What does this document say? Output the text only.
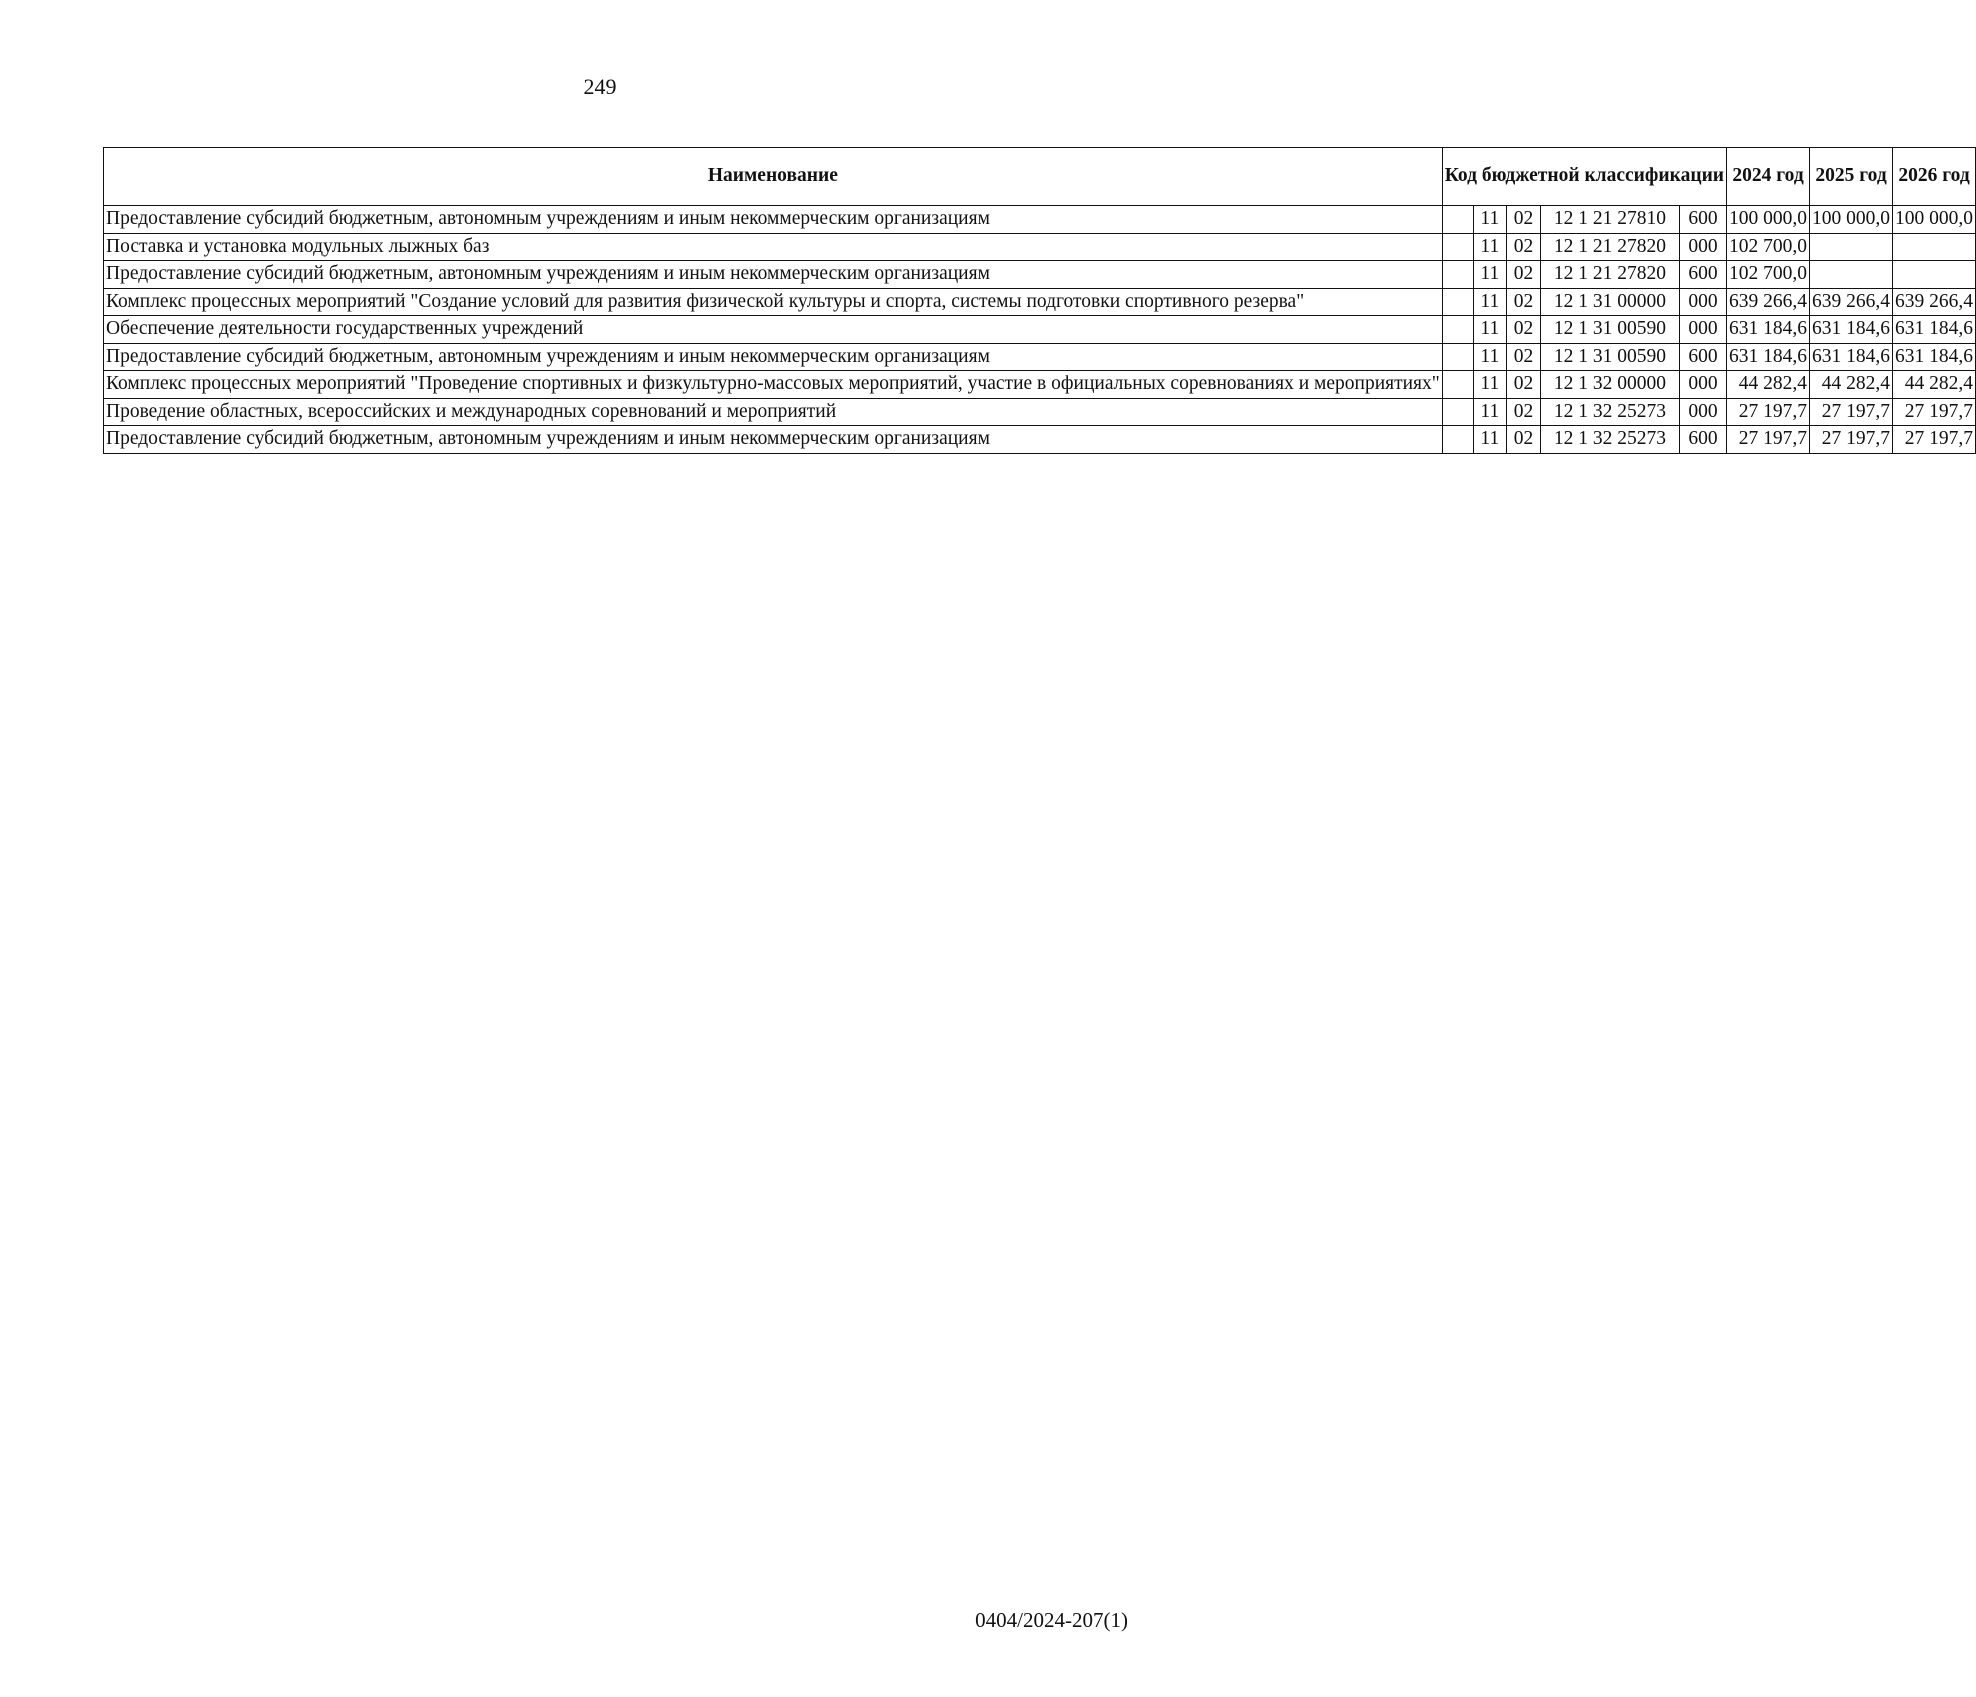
249
Наименование	Код бюджетной классификации					2024 год	2025 год	2026 год
Предоставление субсидий бюджетным, автономным учреждениям и иным некоммерческим организациям		11	02	12 1 21 27810	600	100 000,0	100 000,0	100 000,0
Поставка и установка модульных лыжных баз		11	02	12 1 21 27820	000	102 700,0		
Предоставление субсидий бюджетным, автономным учреждениям и иным некоммерческим организациям		11	02	12 1 21 27820	600	102 700,0		
Комплекс процессных мероприятий "Создание условий для развития физической культуры и спорта, системы подготовки спортивного резерва"		11	02	12 1 31 00000	000	639 266,4	639 266,4	639 266,4
Обеспечение деятельности государственных учреждений		11	02	12 1 31 00590	000	631 184,6	631 184,6	631 184,6
Предоставление субсидий бюджетным, автономным учреждениям и иным некоммерческим организациям		11	02	12 1 31 00590	600	631 184,6	631 184,6	631 184,6
Комплекс процессных мероприятий "Проведение спортивных и физкультурно-массовых мероприятий, участие в официальных соревнованиях и мероприятиях"		11	02	12 1 32 00000	000	44 282,4	44 282,4	44 282,4
Проведение областных, всероссийских и международных соревнований и мероприятий		11	02	12 1 32 25273	000	27 197,7	27 197,7	27 197,7
Предоставление субсидий бюджетным, автономным учреждениям и иным некоммерческим организациям		11	02	12 1 32 25273	600	27 197,7	27 197,7	27 197,7
0404/2024-207(1)
